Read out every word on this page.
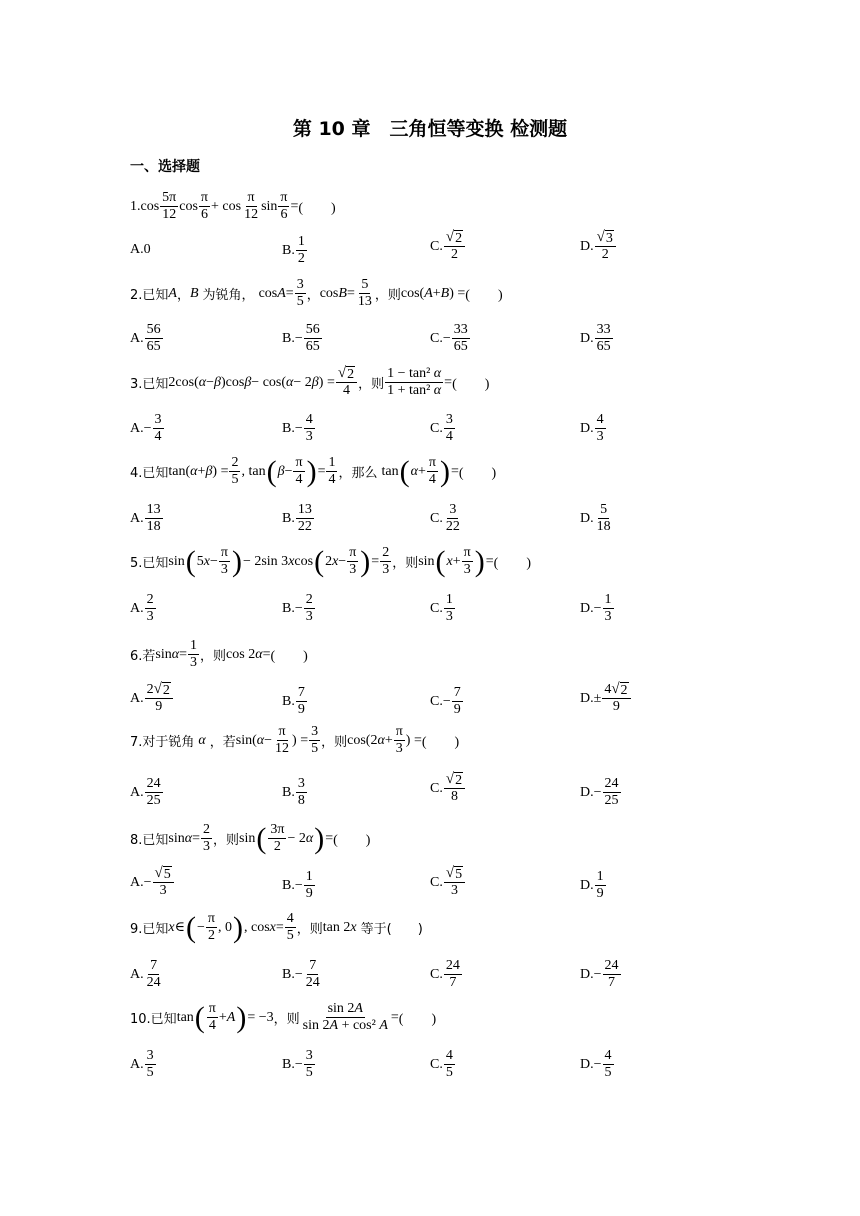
第 10 章　三角恒等变换 检测题
一、选择题
1. $\cos \frac{5\pi}{12}$ $\cos \frac{\pi}{6} + \cos \frac{\pi}{12}$ $\sin \frac{\pi}{6}$ = (　　)
A.0	B. $\frac{1}{2}$	C. $\frac{√ 2}{2}$	D. $\frac{√ 3}{2}$
2.已知 A ， B 为锐角， $\cos A = \frac{3}{5}$ ， $\cos B = \frac{5}{13}$ ，则 cos( A + B ) = (　　)
A. $\frac{56}{65}$	B. − $\frac{56}{65}$	C. − $\frac{33}{65}$	D. $\frac{33}{65}$
3.已知 2cos( α − β )cos β − cos( α − 2 β ) = $\frac{√ 2}{4}$ ，则 $\frac{\text{1 − tan² α}}{\text{1 + tan² α}}$ = (　　)
A. − $\frac{3}{4}$	B. − $\frac{4}{3}$	C. $\frac{3}{4}$	D. $\frac{4}{3}$
4.已知 tan( α + β ) = $\frac{2}{5}$ , tan ( $\beta - \frac{\pi}{4}$ ) = $\frac{1}{4}$ ，那么 tan ( $\alpha + \frac{\pi}{4}$ ) = (　　)
A. $\frac{13}{18}$	B. $\frac{13}{22}$	C. $\frac{3}{22}$	D. $\frac{5}{18}$
5.已知 sin ( 5 $x - \frac{\pi}{3}$ ) − 2sin 3 x cos ( 2 $x - \frac{\pi}{3}$ ) = $\frac{2}{3}$ ，则 sin ( $x + \frac{\pi}{3}$ ) = (　　)
A. $\frac{2}{3}$	B. − $\frac{2}{3}$	C. $\frac{1}{3}$	D. − $\frac{1}{3}$
6.若 $\sin \alpha = \frac{1}{3}$ ，则 cos 2 α = (　　)
A. $\frac{2 √ 2}{9}$	B. $\frac{7}{9}$	C. − $\frac{7}{9}$	D. ± $\frac{4 √ 2}{9}$
7.对于锐角 α ，若 sin( $\alpha - \frac{\pi}{12}$ ) = $\frac{3}{5}$ ，则 cos(2 $\alpha + \frac{\pi}{3}$ ) = (　　)
A. $\frac{24}{25}$	B. $\frac{3}{8}$	C. $\frac{√ 2}{8}$	D. − $\frac{24}{25}$
8.已知 $\sin \alpha = \frac{2}{3}$ ，则 sin ( $\frac{3\pi}{2} - 2$ α ) = (　　)
A. − $\frac{√ 5}{3}$	B. − $\frac{1}{9}$	C. $\frac{√ 5}{3}$	D. $\frac{1}{9}$
9.已知 x ∈ ( − $\frac{\pi}{2}$ , 0 ) , $\cos x = \frac{4}{5}$ ，则 tan 2 x 等于(　　)
A. $\frac{7}{24}$	B. − $\frac{7}{24}$	C. $\frac{24}{7}$	D. − $\frac{24}{7}$
10.已知 tan ( $\frac{\pi}{4} + A$ ) = −3 ，则 $\frac{\sin 2A}{\text{sin 2A + cos² A}}$ = (　　)
A. $\frac{3}{5}$	B. − $\frac{3}{5}$	C. $\frac{4}{5}$	D. − $\frac{4}{5}$
